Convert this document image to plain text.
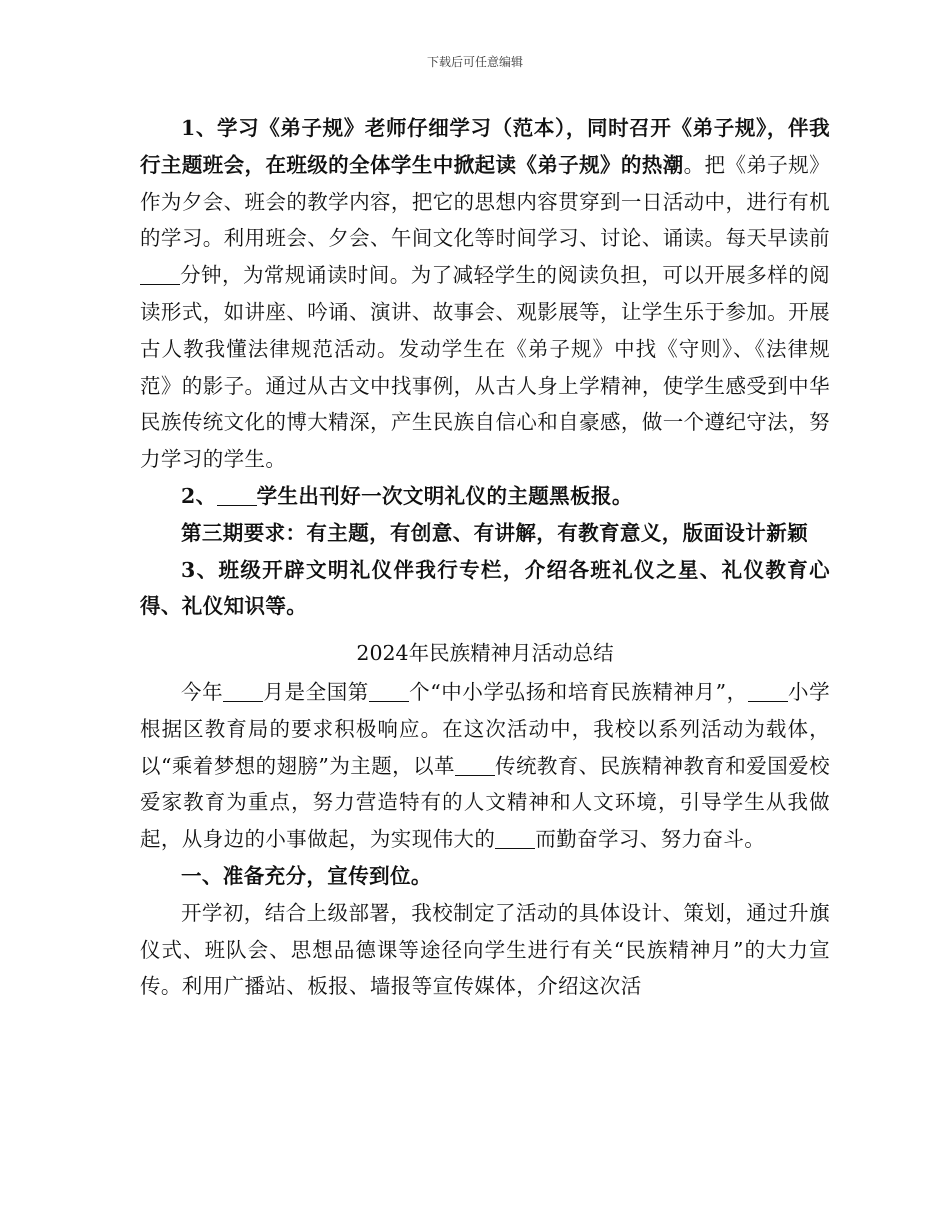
下载后可任意编辑

1、学习《弟子规》老师仔细学习（范本），同时召开《弟子规》，伴我行主题班会，在班级的全体学生中掀起读《弟子规》的热潮。把《弟子规》作为夕会、班会的教学内容，把它的思想内容贯穿到一日活动中，进行有机的学习。利用班会、夕会、午间文化等时间学习、讨论、诵读。每天早读前分钟，为常规诵读时间。为了减轻学生的阅读负担，可以开展多样的阅读形式，如讲座、吟诵、演讲、故事会、观影展等，让学生乐于参加。开展古人教我懂法律规范活动。发动学生在《弟子规》中找《守则》、《法律规范》的影子。通过从古文中找事例，从古人身上学精神，使学生感受到中华民族传统文化的博大精深，产生民族自信心和自豪感，做一个遵纪守法，努力学习的学生。

2、 学生出刊好一次文明礼仪的主题黑板报。

第三期要求：有主题，有创意、有讲解，有教育意义，版面设计新颖

3、班级开辟文明礼仪伴我行专栏，介绍各班礼仪之星、礼仪教育心得、礼仪知识等。

2024年民族精神月活动总结

今年 月是全国第 个“中小学弘扬和培育民族精神月”， 小学根据区教育局的要求积极响应。在这次活动中，我校以系列活动为载体，以“乘着梦想的翅膀”为主题，以革 传统教育、民族精神教育和爱国爱校爱家教育为重点，努力营造特有的人文精神和人文环境，引导学生从我做起，从身边的小事做起，为实现伟大的 而勤奋学习、努力奋斗。

一、准备充分，宣传到位。

开学初，结合上级部署，我校制定了活动的具体设计、策划，通过升旗仪式、班队会、思想品德课等途径向学生进行有关“民族精神月”的大力宣传。利用广播站、板报、墙报等宣传媒体，介绍这次活
